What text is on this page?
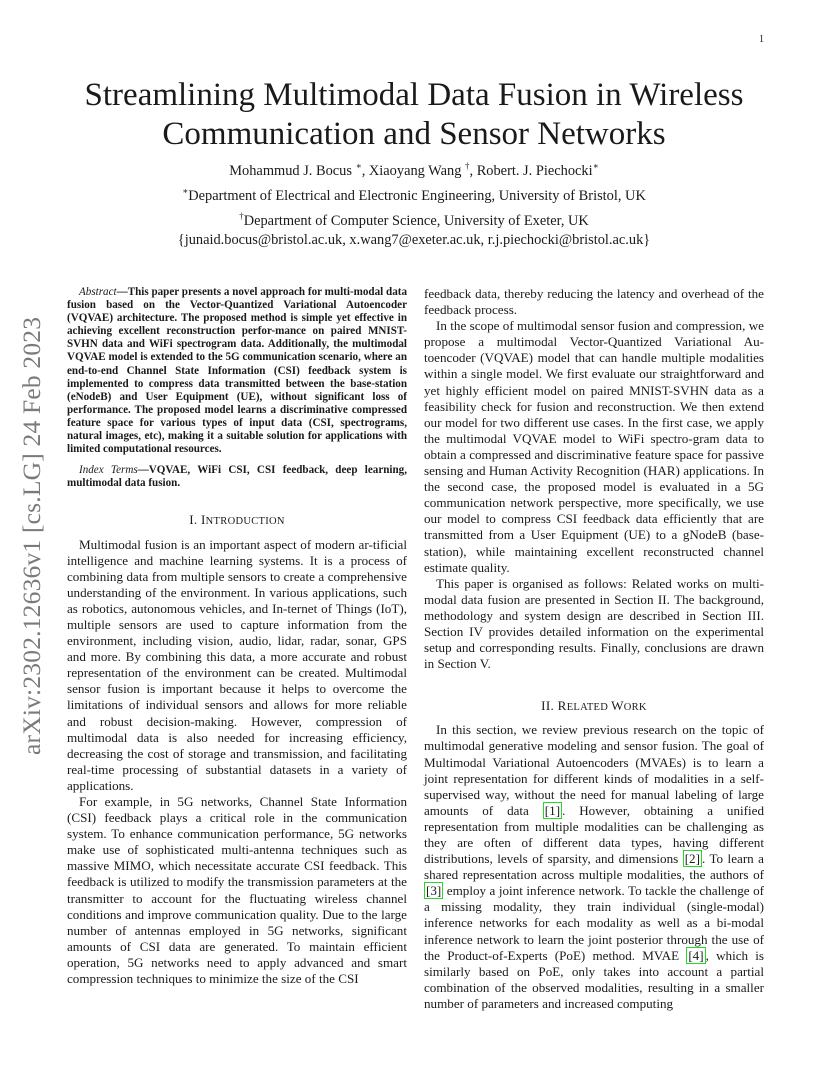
1
arXiv:2302.12636v1 [cs.LG] 24 Feb 2023
Streamlining Multimodal Data Fusion in Wireless
Communication and Sensor Networks
Mohammud J. Bocus ∗, Xiaoyang Wang †, Robert. J. Piechocki∗
∗Department of Electrical and Electronic Engineering, University of Bristol, UK
†Department of Computer Science, University of Exeter, UK
{junaid.bocus@bristol.ac.uk, x.wang7@exeter.ac.uk, r.j.piechocki@bristol.ac.uk}

Abstract—This paper presents a novel approach for multi-modal data fusion based on the Vector-Quantized Variational Autoencoder (VQVAE) architecture. The proposed method is simple yet effective in achieving excellent reconstruction perfor-mance on paired MNIST-SVHN data and WiFi spectrogram data. Additionally, the multimodal VQVAE model is extended to the 5G communication scenario, where an end-to-end Channel State Information (CSI) feedback system is implemented to compress data transmitted between the base-station (eNodeB) and User Equipment (UE), without significant loss of performance. The proposed model learns a discriminative compressed feature space for various types of input data (CSI, spectrograms, natural images, etc), making it a suitable solution for applications with limited computational resources.

Index Terms—VQVAE, WiFi CSI, CSI feedback, deep learning, multimodal data fusion.

I. INTRODUCTION

Multimodal fusion is an important aspect of modern ar-tificial intelligence and machine learning systems. It is a process of combining data from multiple sensors to create a comprehensive understanding of the environment. In various applications, such as robotics, autonomous vehicles, and In-ternet of Things (IoT), multiple sensors are used to capture information from the environment, including vision, audio, lidar, radar, sonar, GPS and more. By combining this data, a more accurate and robust representation of the environment can be created. Multimodal sensor fusion is important because it helps to overcome the limitations of individual sensors and allows for more reliable and robust decision-making. However, compression of multimodal data is also needed for increasing efficiency, decreasing the cost of storage and transmission, and facilitating real-time processing of substantial datasets in a variety of applications.

For example, in 5G networks, Channel State Information (CSI) feedback plays a critical role in the communication system. To enhance communication performance, 5G networks make use of sophisticated multi-antenna techniques such as massive MIMO, which necessitate accurate CSI feedback. This feedback is utilized to modify the transmission parameters at the transmitter to account for the fluctuating wireless channel conditions and improve communication quality. Due to the large number of antennas employed in 5G networks, significant amounts of CSI data are generated. To maintain efficient operation, 5G networks need to apply advanced and smart compression techniques to minimize the size of the CSI

feedback data, thereby reducing the latency and overhead of the feedback process.

In the scope of multimodal sensor fusion and compression, we propose a multimodal Vector-Quantized Variational Au-toencoder (VQVAE) model that can handle multiple modalities within a single model. We first evaluate our straightforward and yet highly efficient model on paired MNIST-SVHN data as a feasibility check for fusion and reconstruction. We then extend our model for two different use cases. In the first case, we apply the multimodal VQVAE model to WiFi spectro-gram data to obtain a compressed and discriminative feature space for passive sensing and Human Activity Recognition (HAR) applications. In the second case, the proposed model is evaluated in a 5G communication network perspective, more specifically, we use our model to compress CSI feedback data efficiently that are transmitted from a User Equipment (UE) to a gNodeB (base-station), while maintaining excellent reconstructed channel estimate quality.

This paper is organised as follows: Related works on multi-modal data fusion are presented in Section II. The background, methodology and system design are described in Section III. Section IV provides detailed information on the experimental setup and corresponding results. Finally, conclusions are drawn in Section V.

II. RELATED WORK

In this section, we review previous research on the topic of multimodal generative modeling and sensor fusion. The goal of Multimodal Variational Autoencoders (MVAEs) is to learn a joint representation for different kinds of modalities in a self-supervised way, without the need for manual labeling of large amounts of data [1] . However, obtaining a unified representation from multiple modalities can be challenging as they are often of different data types, having different distributions, levels of sparsity, and dimensions [2] . To learn a shared representation across multiple modalities, the authors of [3] employ a joint inference network. To tackle the challenge of a missing modality, they train individual (single-modal) inference networks for each modality as well as a bi-modal inference network to learn the joint posterior through the use of the Product-of-Experts (PoE) method. MVAE [4] , which is similarly based on PoE, only takes into account a partial combination of the observed modalities, resulting in a smaller number of parameters and increased computing
